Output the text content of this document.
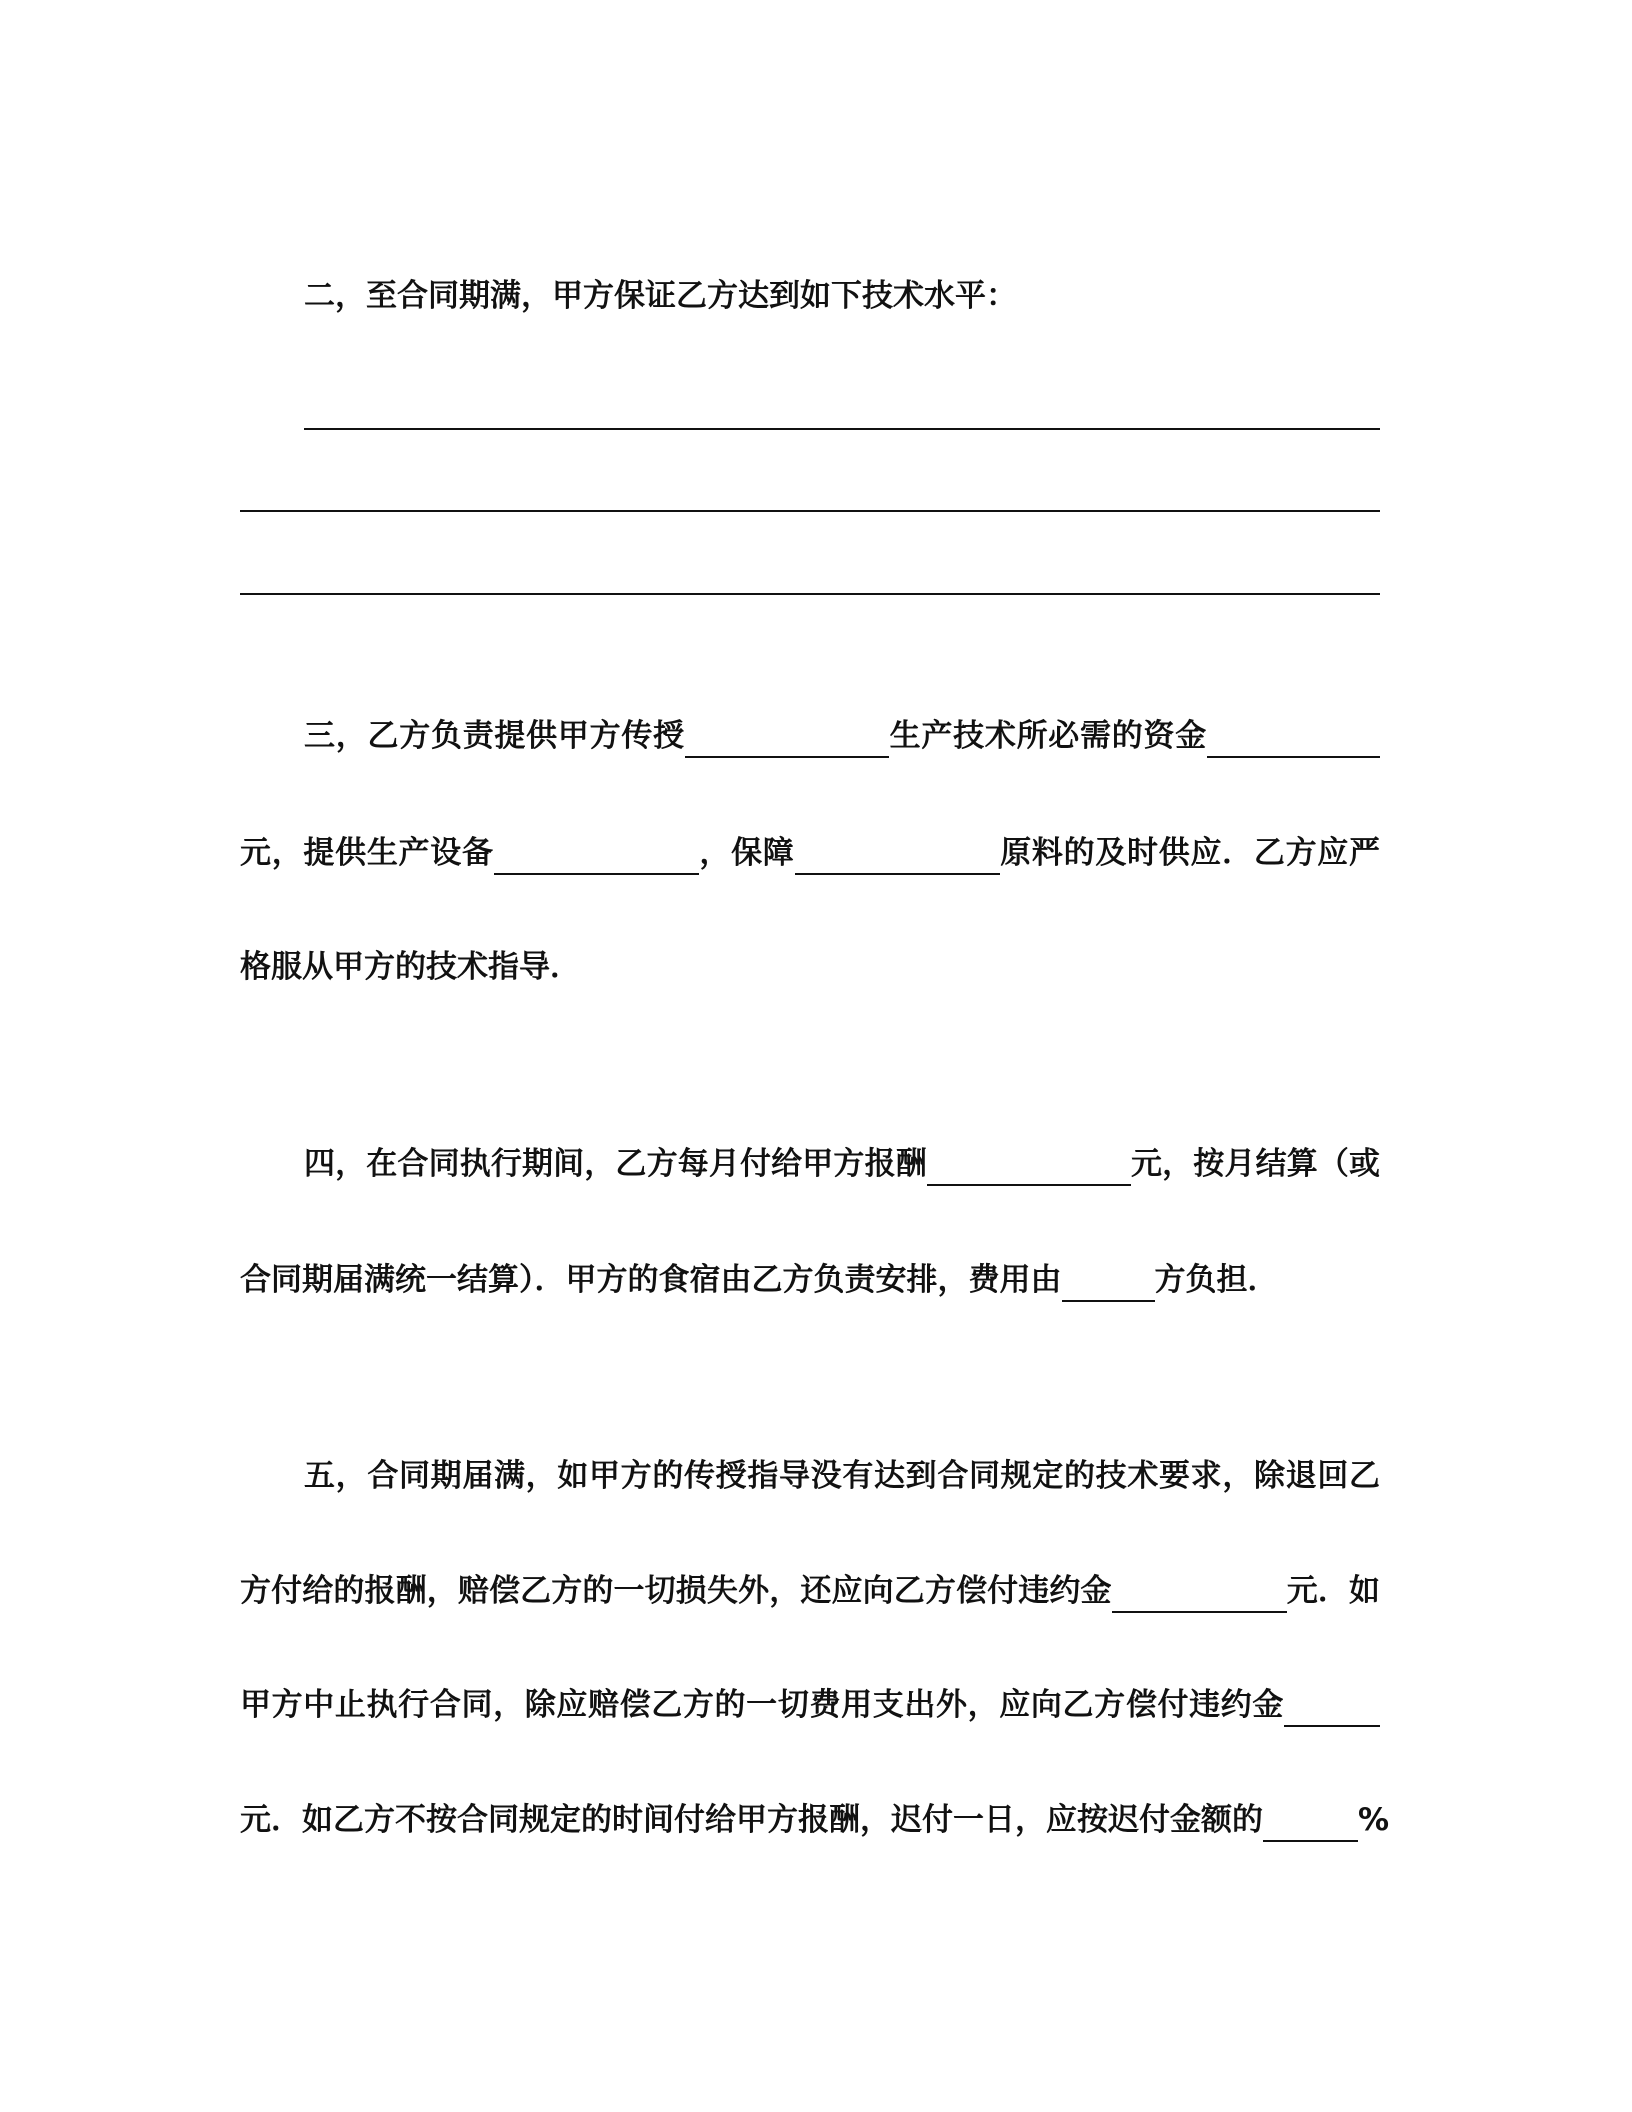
二，至合同期满，甲方保证乙方达到如下技术水平：
三，乙方负责提供甲方传授	生产技术所必需的资金
元，提供生产设备	，保障	原料的及时供应．乙方应严
格服从甲方的技术指导．
四，在合同执行期间，乙方每月付给甲方报酬	元，按月结算（或
合同期届满统一结算）．甲方的食宿由乙方负责安排，费用由	方负担．
五，合同期届满，如甲方的传授指导没有达到合同规定的技术要求，除退回乙
方付给的报酬，赔偿乙方的一切损失外，还应向乙方偿付违约金	元．如
甲方中止执行合同，除应赔偿乙方的一切费用支出外，应向乙方偿付违约金
元．如乙方不按合同规定的时间付给甲方报酬，迟付一日，应按迟付金额的	%
